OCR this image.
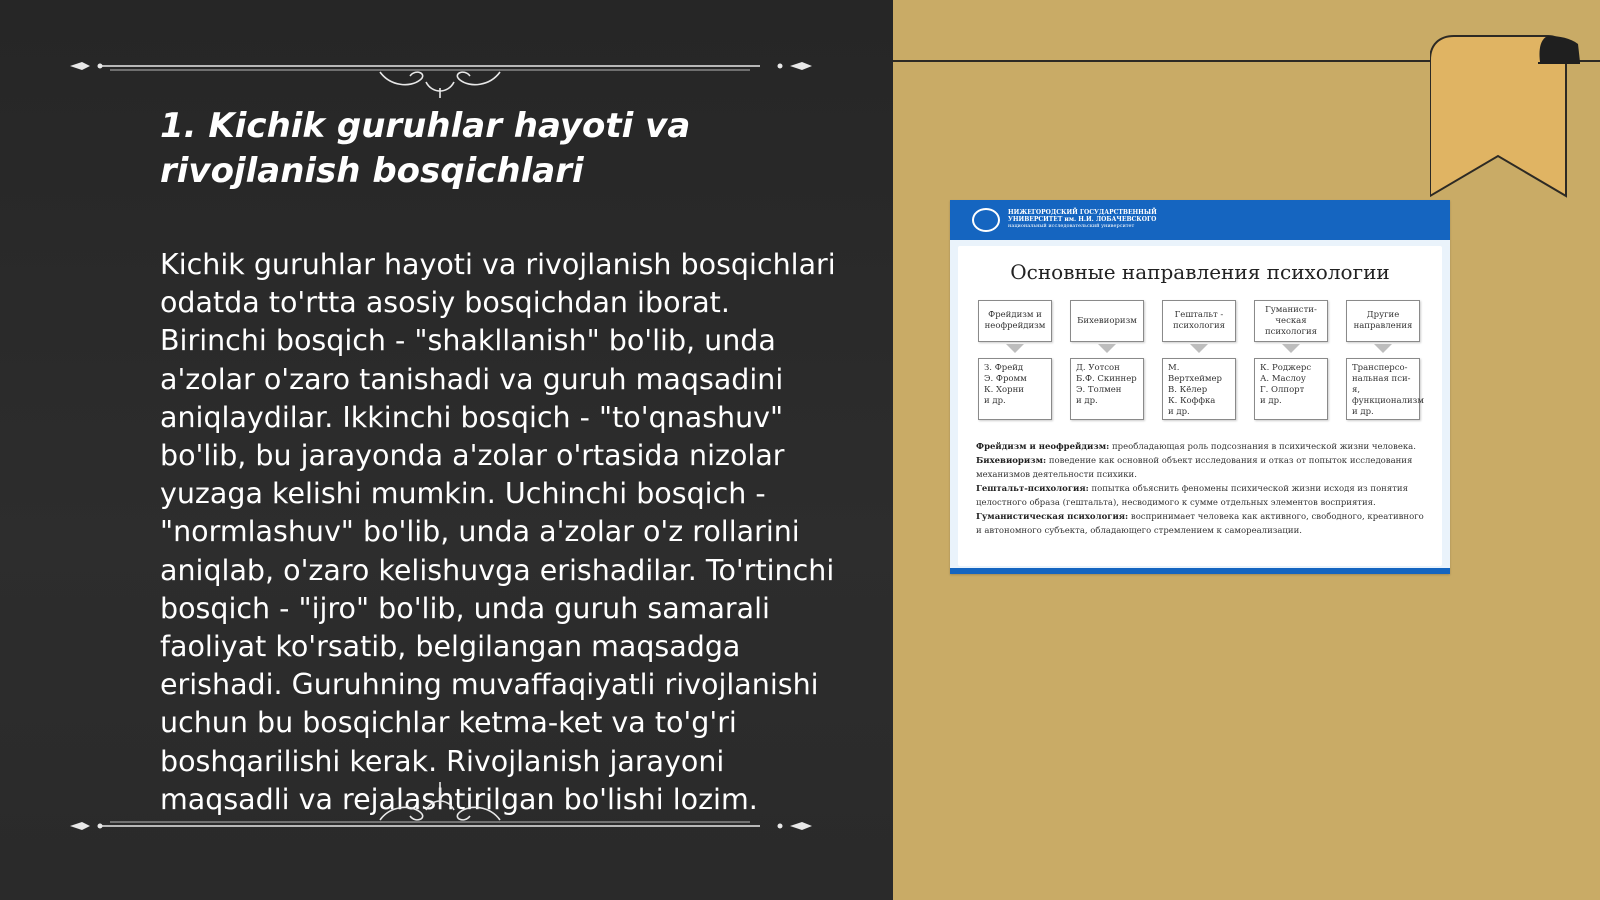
1. Kichik guruhlar hayoti va rivojlanish bosqichlari

Kichik guruhlar hayoti va rivojlanish bosqichlari odatda to'rtta asosiy bosqichdan iborat. Birinchi bosqich - "shakllanish" bo'lib, unda a'zolar o'zaro tanishadi va guruh maqsadini aniqlaydilar. Ikkinchi bosqich - "to'qnashuv" bo'lib, bu jarayonda a'zolar o'rtasida nizolar yuzaga kelishi mumkin. Uchinchi bosqich - "normlashuv" bo'lib, unda a'zolar o'z rollarini aniqlab, o'zaro kelishuvga erishadilar. To'rtinchi bosqich - "ijro" bo'lib, unda guruh samarali faoliyat ko'rsatib, belgilangan maqsadga erishadi. Guruhning muvaffaqiyatli rivojlanishi uchun bu bosqichlar ketma-ket va to'g'ri boshqarilishi kerak. Rivojlanish jarayoni maqsadli va rejalashtirilgan bo'lishi lozim.

НИЖЕГОРОДСКИЙ ГОСУДАРСТВЕННЫЙ УНИВЕРСИТЕТ им. Н.И. ЛОБАЧЕВСКОГО
национальный исследовательский университет
Основные направления психологии
Фрейдизм и неофрейдизм
Бихевиоризм
Гештальт - психология
Гуманисти-ческая психология
Другие направления
З. Фрейд
Э. Фромм
К. Хорни
и др.
Д. Уотсон
Б.Ф. Скиннер
Э. Толмен
и др.
М. Вертхеймер
В. Кёлер
К. Коффка
и др.
К. Роджерс
А. Маслоу
Г. Олпорт
и др.
Трансперсо-нальная пси-я,
функционализм
и др.
Фрейдизм и неофрейдизм: преобладающая роль подсознания в психической жизни человека.
Бихевиоризм: поведение как основной объект исследования и отказ от попыток исследования механизмов деятельности психики.
Гештальт-психология: попытка объяснить феномены психической жизни исходя из понятия целостного образа (гештальта), несводимого к сумме отдельных элементов восприятия.
Гуманистическая психология: воспринимает человека как активного, свободного, креативного и автономного субъекта, обладающего стремлением к самореализации.
